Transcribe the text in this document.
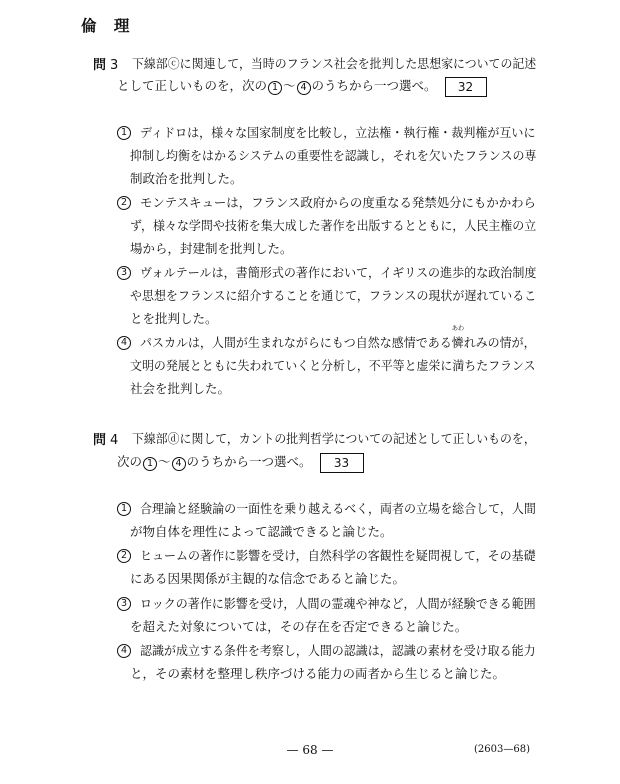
倫 理
問 3 下線部ⓒに関連して，当時のフランス社会を批判した思想家についての記述
として正しいものを，次の 1 ～ 4 のうちから一つ選べ。 32
1	ディドロは，様々な国家制度を比較し，立法権・執行権・裁判権が互いに
抑制し均衡をはかるシステムの重要性を認識し，それを欠いたフランスの専
制政治を批判した。
2	モンテスキューは，フランス政府からの度重なる発禁処分にもかかわら
ず，様々な学問や技術を集大成した著作を出版するとともに，人民主権の立
場から，封建制を批判した。
3	ヴォルテールは，書簡形式の著作において，イギリスの進歩的な政治制度
や思想をフランスに紹介することを通じて，フランスの現状が遅れているこ
とを批判した。
4	パスカルは，人間が生まれながらにもつ自然な感情である憐
あわ
れみの情が，
文明の発展とともに失われていくと分析し，不平等と虚栄に満ちたフランス
社会を批判した。
問 4 下線部ⓓに関して，カントの批判哲学についての記述として正しいものを，
次の 1 ～ 4 のうちから一つ選べ。 33
1	合理論と経験論の一面性を乗り越えるべく，両者の立場を総合して，人間
が物自体を理性によって認識できると論じた。
2	ヒュームの著作に影響を受け，自然科学の客観性を疑問視して，その基礎
にある因果関係が主観的な信念であると論じた。
3	ロックの著作に影響を受け，人間の霊魂や神など，人間が経験できる範囲
を超えた対象については，その存在を否定できると論じた。
4	認識が成立する条件を考察し，人間の認識は，認識の素材を受け取る能力
と，その素材を整理し秩序づける能力の両者から生じると論じた。
— 68 —	(2603—68)
